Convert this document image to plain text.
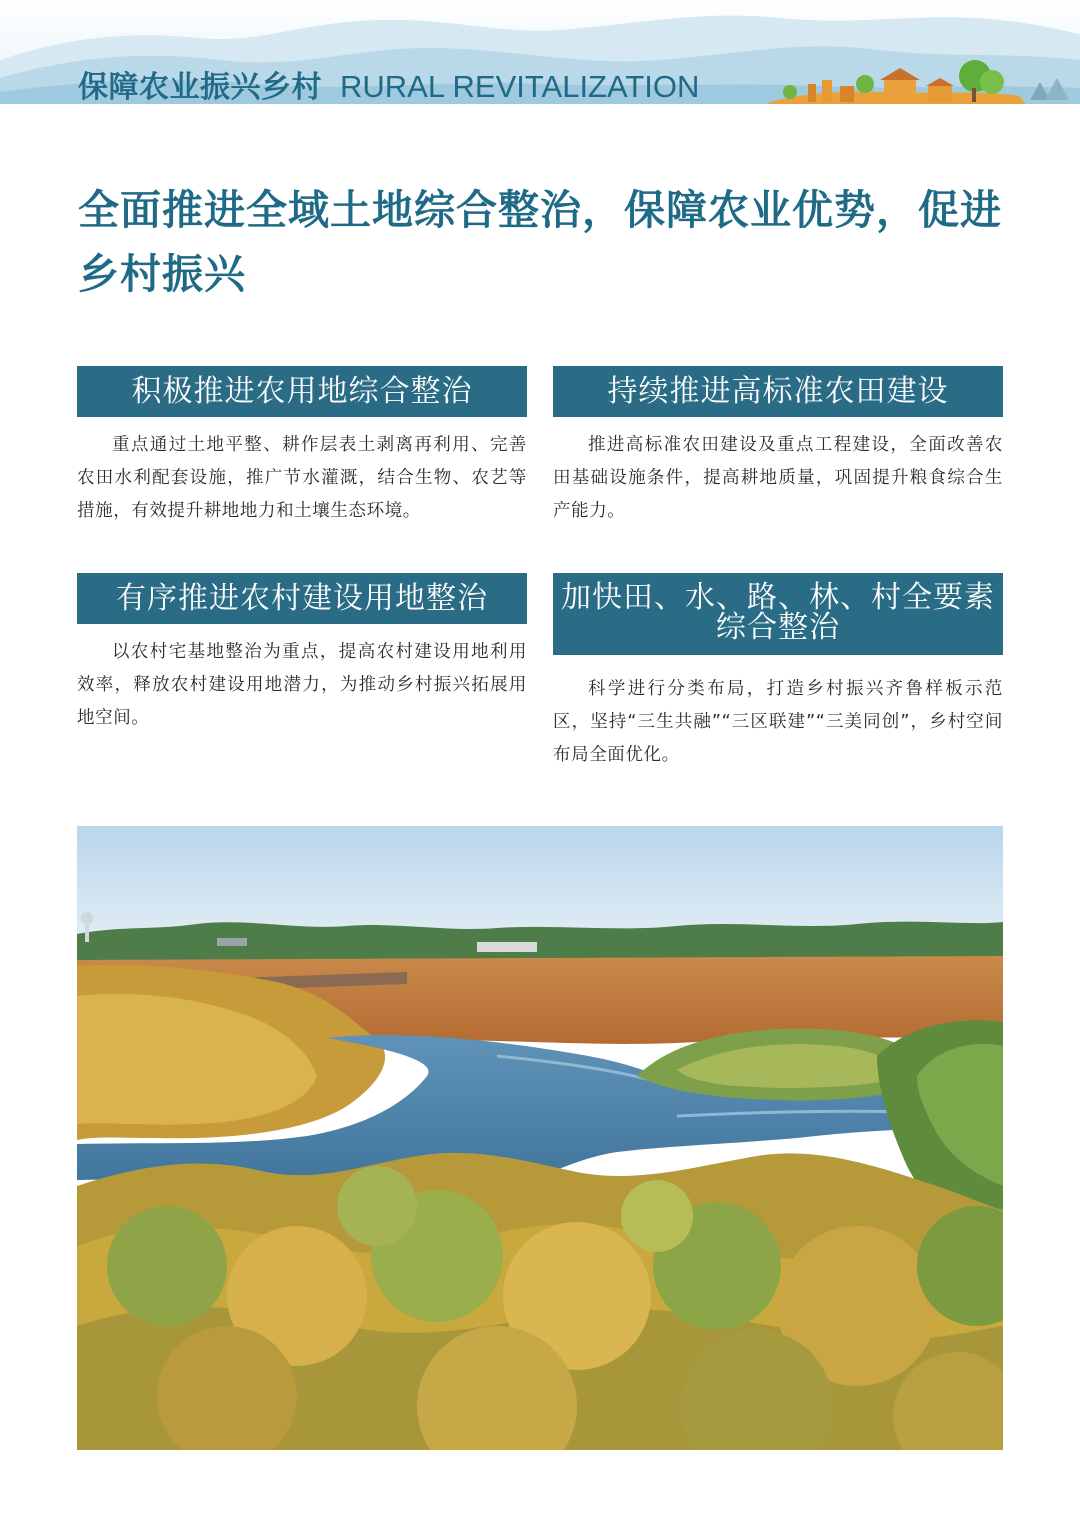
保障农业振兴乡村 RURAL REVITALIZATION
全面推进全域土地综合整治，保障农业优势，促进乡村振兴
积极推进农用地综合整治

重点通过土地平整、耕作层表土剥离再利用、完善农田水利配套设施，推广节水灌溉，结合生物、农艺等措施，有效提升耕地地力和土壤生态环境。

持续推进高标准农田建设

推进高标准农田建设及重点工程建设，全面改善农田基础设施条件，提高耕地质量，巩固提升粮食综合生产能力。

有序推进农村建设用地整治

以农村宅基地整治为重点，提高农村建设用地利用效率，释放农村建设用地潜力，为推动乡村振兴拓展用地空间。

加快田、水、路、林、村全要素综合整治

科学进行分类布局，打造乡村振兴齐鲁样板示范区，坚持“三生共融”“三区联建”“三美同创”，乡村空间布局全面优化。
